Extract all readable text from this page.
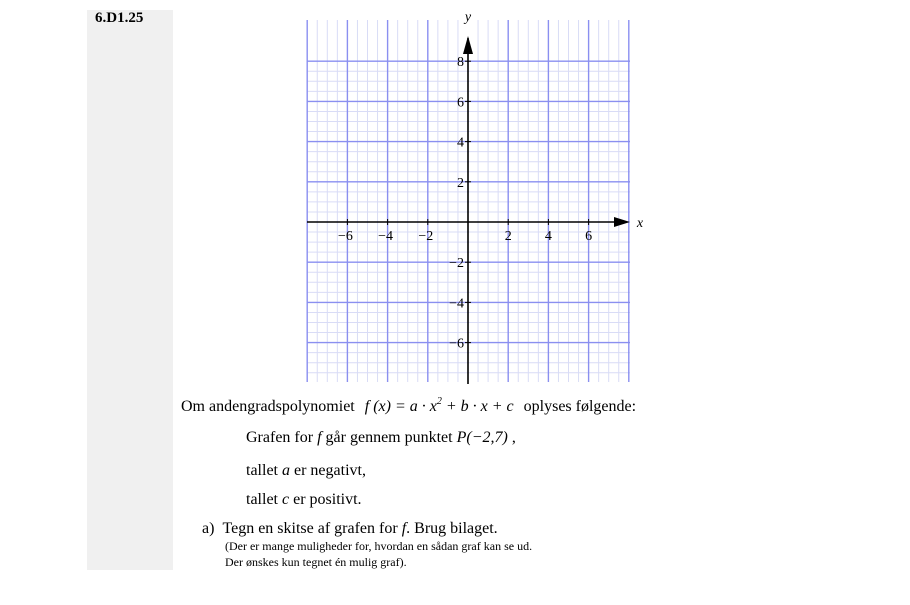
6.D1.25
x
y
−6 −4 −2	2 4 6
8
6
4
2
−2
−4
−6
Om andengradspolynomiet f $(x) = a \cdot x^2 + b \cdot x + c$ oplyses følgende:
Grafen for f går gennem punktet P(−2,7) ,
tallet a er negativt,
tallet c er positivt.
a) Tegn en skitse af grafen for f. Brug bilaget.
(Der er mange muligheder for, hvordan en sådan graf kan se ud.
Der ønskes kun tegnet én mulig graf).
